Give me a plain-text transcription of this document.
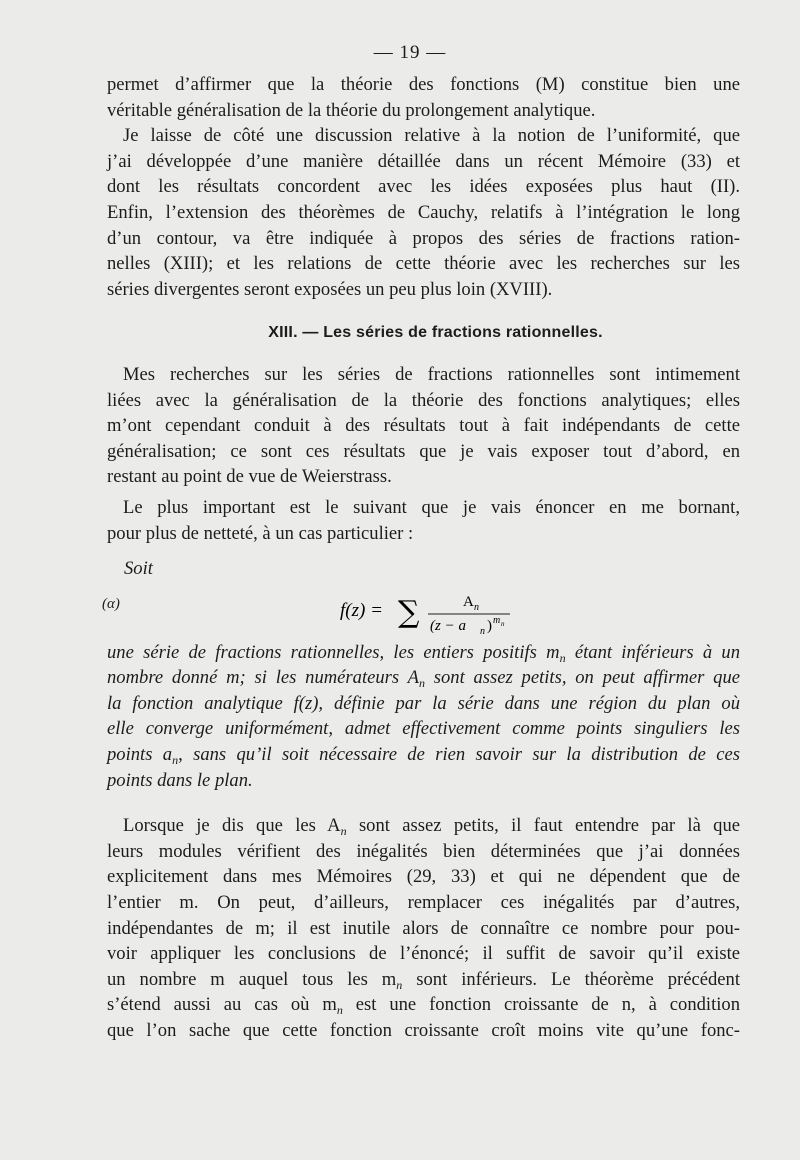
— 19 —
permet d’affirmer que la théorie des fonctions (M) constitue bien une
véritable généralisation de la théorie du prolongement analytique.
Je laisse de côté une discussion relative à la notion de l’uniformité, que
j’ai développée d’une manière détaillée dans un récent Mémoire (33) et
dont les résultats concordent avec les idées exposées plus haut (II).
Enfin, l’extension des théorèmes de Cauchy, relatifs à l’intégration le long
d’un contour, va être indiquée à propos des séries de fractions ration-
nelles (XIII); et les relations de cette théorie avec les recherches sur les
séries divergentes seront exposées un peu plus loin (XVIII).
XIII. — Les séries de fractions rationnelles.
Mes recherches sur les séries de fractions rationnelles sont intimement
liées avec la généralisation de la théorie des fonctions analytiques; elles
m’ont cependant conduit à des résultats tout à fait indépendants de cette
généralisation; ce sont ces résultats que je vais exposer tout d’abord, en
restant au point de vue de Weierstrass.
Le plus important est le suivant que je vais énoncer en me bornant,
pour plus de netteté, à un cas particulier :
Soit
(α)	f(z) = ∑	A n
(z − a n ) m n
une série de fractions rationnelles, les entiers positifs $m_n$ étant inférieurs à un
nombre donné m; si les numérateurs $A_n$ sont assez petits, on peut affirmer que
la fonction analytique f(z), définie par la série dans une région du plan où
elle converge uniformément, admet effectivement comme points singuliers les
points $a_n$, sans qu’il soit nécessaire de rien savoir sur la distribution de ces
points dans le plan.
Lorsque je dis que les $A_n$ sont assez petits, il faut entendre par là que
leurs modules vérifient des inégalités bien déterminées que j’ai données
explicitement dans mes Mémoires (29, 33) et qui ne dépendent que de
l’entier m. On peut, d’ailleurs, remplacer ces inégalités par d’autres,
indépendantes de m; il est inutile alors de connaître ce nombre pour pou-
voir appliquer les conclusions de l’énoncé; il suffit de savoir qu’il existe
un nombre m auquel tous les $m_n$ sont inférieurs. Le théorème précédent
s’étend aussi au cas où $m_n$ est une fonction croissante de n, à condition
que l’on sache que cette fonction croissante croît moins vite qu’une fonc-
